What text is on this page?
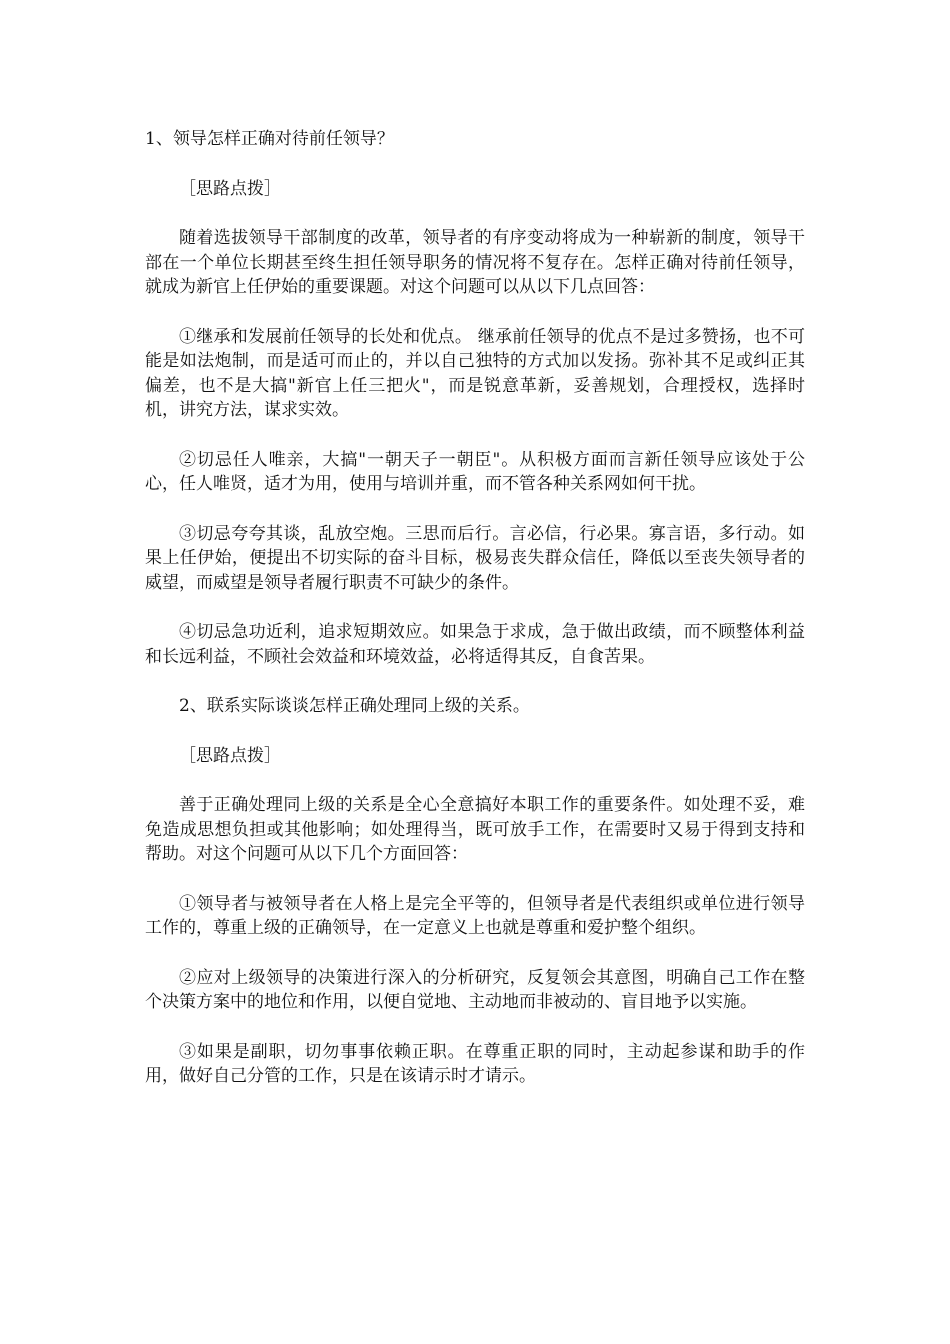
1、领导怎样正确对待前任领导？

［思路点拨］

随着选拔领导干部制度的改革，领导者的有序变动将成为一种崭新的制度，领导干部在一个单位长期甚至终生担任领导职务的情况将不复存在。怎样正确对待前任领导，就成为新官上任伊始的重要课题。对这个问题可以从以下几点回答：

①继承和发展前任领导的长处和优点。 继承前任领导的优点不是过多赞扬，也不可能是如法炮制，而是适可而止的，并以自己独特的方式加以发扬。弥补其不足或纠正其偏差，也不是大搞"新官上任三把火"，而是锐意革新，妥善规划，合理授权，选择时机，讲究方法，谋求实效。

②切忌任人唯亲，大搞"一朝天子一朝臣"。从积极方面而言新任领导应该处于公心，任人唯贤，适才为用，使用与培训并重，而不管各种关系网如何干扰。

③切忌夸夸其谈，乱放空炮。三思而后行。言必信，行必果。寡言语，多行动。如果上任伊始，便提出不切实际的奋斗目标，极易丧失群众信任，降低以至丧失领导者的威望，而威望是领导者履行职责不可缺少的条件。

④切忌急功近利，追求短期效应。如果急于求成，急于做出政绩，而不顾整体利益和长远利益，不顾社会效益和环境效益，必将适得其反，自食苦果。

2、联系实际谈谈怎样正确处理同上级的关系。

［思路点拨］

善于正确处理同上级的关系是全心全意搞好本职工作的重要条件。如处理不妥，难免造成思想负担或其他影响；如处理得当，既可放手工作，在需要时又易于得到支持和帮助。对这个问题可从以下几个方面回答：

①领导者与被领导者在人格上是完全平等的，但领导者是代表组织或单位进行领导工作的，尊重上级的正确领导，在一定意义上也就是尊重和爱护整个组织。

②应对上级领导的决策进行深入的分析研究，反复领会其意图，明确自己工作在整个决策方案中的地位和作用，以便自觉地、主动地而非被动的、盲目地予以实施。

③如果是副职，切勿事事依赖正职。在尊重正职的同时，主动起参谋和助手的作用，做好自己分管的工作，只是在该请示时才请示。
